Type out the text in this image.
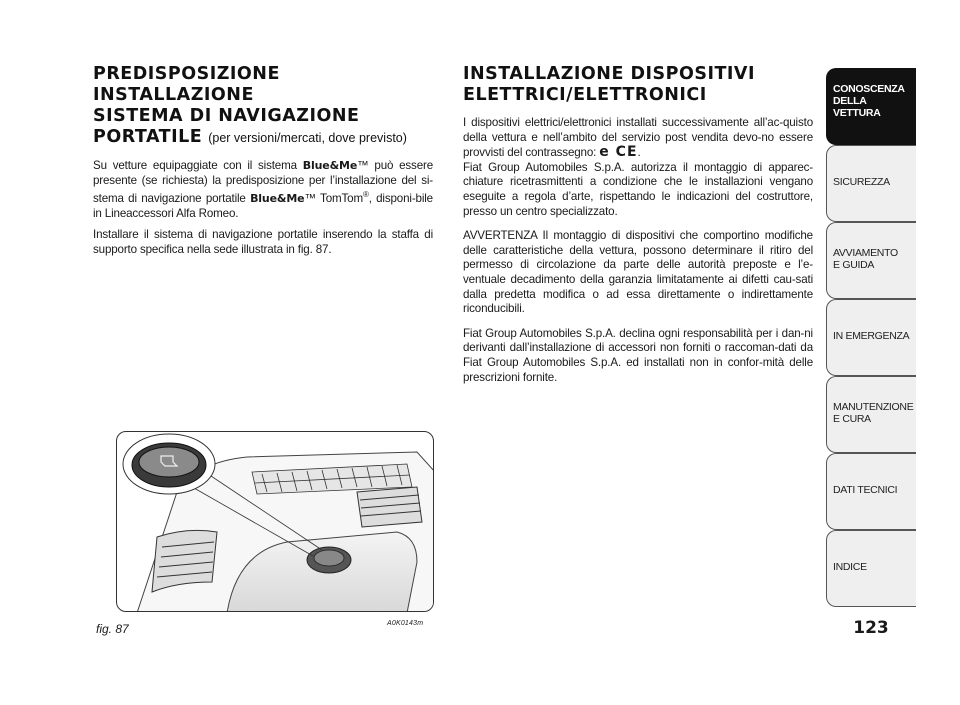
PREDISPOSIZIONE INSTALLAZIONE
SISTEMA DI NAVIGAZIONE
PORTATILE (per versioni/mercati, dove previsto)

Su vetture equipaggiate con il sistema Blue&Me™ può essere presente (se richiesta) la predisposizione per l’installazione del si-stema di navigazione portatile Blue&Me™ TomTom®, disponi-bile in Lineaccessori Alfa Romeo.

Installare il sistema di navigazione portatile inserendo la staffa di supporto specifica nella sede illustrata in fig. 87.

INSTALLAZIONE DISPOSITIVI
ELETTRICI/ELETTRONICI

I dispositivi elettrici/elettronici installati successivamente all’ac-quisto della vettura e nell’ambito del servizio post vendita devo-no essere provvisti del contrassegno: e CE.

Fiat Group Automobiles S.p.A. autorizza il montaggio di apparec-chiature ricetrasmittenti a condizione che le installazioni vengano eseguite a regola d’arte, rispettando le indicazioni del costruttore, presso un centro specializzato.

AVVERTENZA Il montaggio di dispositivi che comportino modifiche delle caratteristiche della vettura, possono determinare il ritiro del permesso di circolazione da parte delle autorità preposte e l’e-ventuale decadimento della garanzia limitatamente ai difetti cau-sati dalla predetta modifica o ad essa direttamente o indirettamente riconducibili.

Fiat Group Automobiles S.p.A. declina ogni responsabilità per i dan-ni derivanti dall’installazione di accessori non forniti o raccoman-dati da Fiat Group Automobiles S.p.A. ed installati non in confor-mità delle prescrizioni fornite.

fig. 87	A0K0143m
CONOSCENZA
DELLA
VETTURA
SICUREZZA
AVVIAMENTO
E GUIDA
IN EMERGENZA
MANUTENZIONE
E CURA
DATI TECNICI
INDICE
123
